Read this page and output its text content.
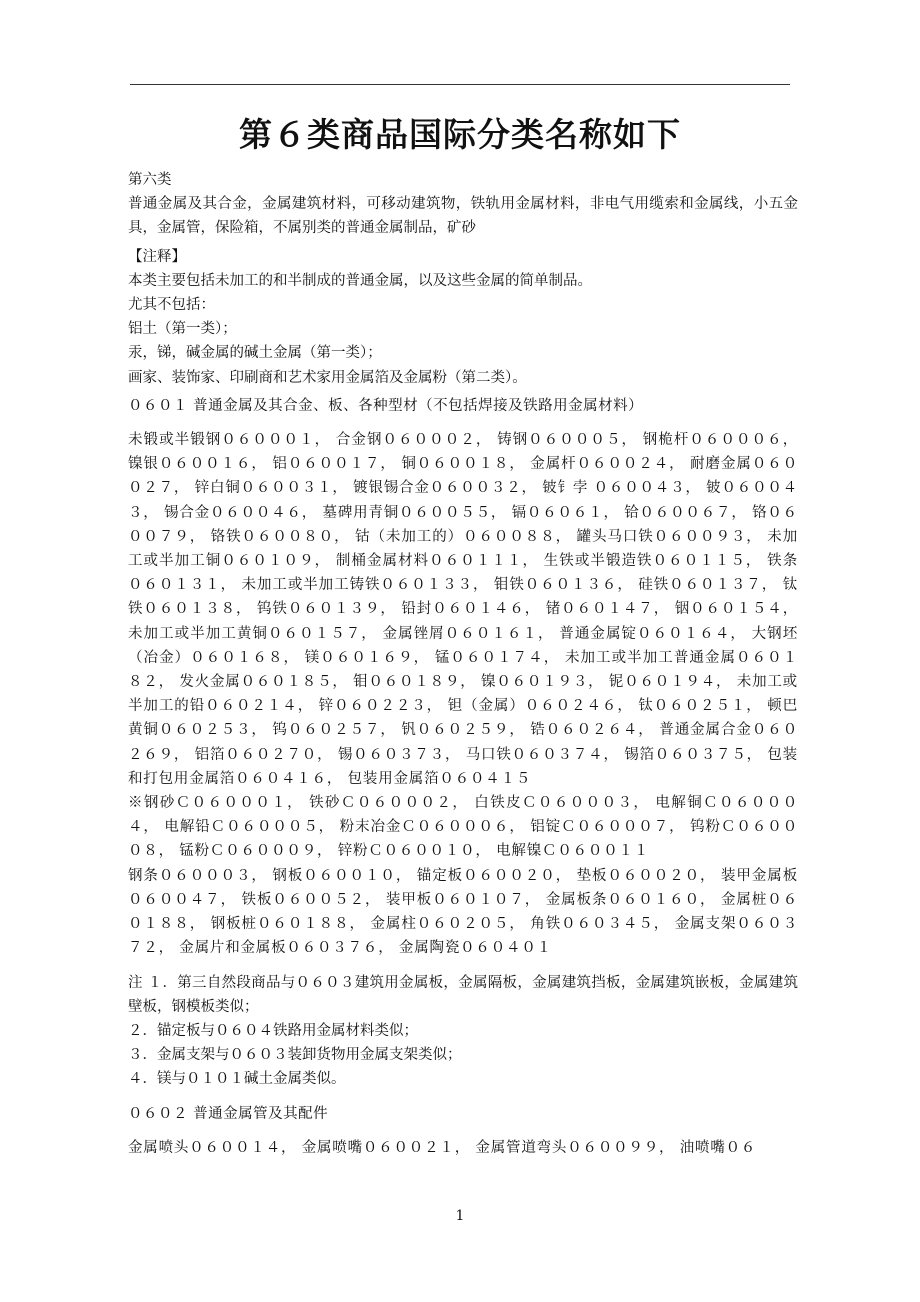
第６类商品国际分类名称如下

第六类

普通金属及其合金，金属建筑材料，可移动建筑物，铁轨用金属材料，非电气用缆索和金属线，小五金具，金属管，保险箱，不属别类的普通金属制品，矿砂

【注释】

本类主要包括未加工的和半制成的普通金属，以及这些金属的简单制品。

尤其不包括：

铝土（第一类）；

汞，锑，碱金属的碱土金属（第一类）；

画家、装饰家、印刷商和艺术家用金属箔及金属粉（第二类）。

０６０１ 普通金属及其合金、板、各种型材（不包括焊接及铁路用金属材料）

未锻或半锻钢０６０００１， 合金钢０６０００２， 铸钢０６０００５， 钢桅杆０６０００６， 镍银０６００１６， 铝０６００１７， 铜０６００１８， 金属杆０６００２４， 耐磨金属０６００２７， 锌白铜０６００３１， 镀银锡合金０６００３２， 铍钅孛 ０６００４３， 铍０６００４３， 锡合金０６００４６， 墓碑用青铜０６００５５， 镉０６０６１， 铪０６００６７， 铬０６００７９， 铬铁０６００８０， 钴（未加工的）０６００８８， 罐头马口铁０６００９３， 未加工或半加工铜０６０１０９， 制桶金属材料０６０１１１， 生铁或半锻造铁０６０１１５， 铁条０６０１３１， 未加工或半加工铸铁０６０１３３， 钼铁０６０１３６， 硅铁０６０１３７， 钛铁０６０１３８， 钨铁０６０１３９， 铅封０６０１４６， 锗０６０１４７， 铟０６０１５４， 未加工或半加工黄铜０６０１５７， 金属锉屑０６０１６１， 普通金属锭０６０１６４， 大钢坯（冶金）０６０１６８， 镁０６０１６９， 锰０６０１７４， 未加工或半加工普通金属０６０１８２， 发火金属０６０１８５， 钼０６０１８９， 镍０６０１９３， 铌０６０１９４， 未加工或半加工的铅０６０２１４， 锌０６０２２３， 钽（金属）０６０２４６， 钛０６０２５１， 顿巴黄铜０６０２５３， 钨０６０２５７， 钒０６０２５９， 锆０６０２６４， 普通金属合金０６０２６９， 铝箔０６０２７０， 锡０６０３７３， 马口铁０６０３７４， 锡箔０６０３７５， 包装和打包用金属箔０６０４１６， 包装用金属箔０６０４１５

※钢砂Ｃ０６０００１， 铁砂Ｃ０６０００２， 白铁皮Ｃ０６０００３， 电解铜Ｃ０６０００４， 电解铅Ｃ０６０００５， 粉末冶金Ｃ０６０００６， 铝锭Ｃ０６０００７， 钨粉Ｃ０６０００８， 锰粉Ｃ０６０００９， 锌粉Ｃ０６００１０， 电解镍Ｃ０６００１１

钢条０６０００３， 钢板０６００１０， 锚定板０６００２０， 垫板０６００２０， 装甲金属板０６００４７， 铁板０６００５２， 装甲板０６０１０７， 金属板条０６０１６０， 金属桩０６０１８８， 钢板桩０６０１８８， 金属柱０６０２０５， 角铁０６０３４５， 金属支架０６０３７２， 金属片和金属板０６０３７６， 金属陶瓷０６０４０１

注 １．第三自然段商品与０６０３建筑用金属板，金属隔板，金属建筑挡板，金属建筑嵌板，金属建筑壁板，钢模板类似；

２．锚定板与０６０４铁路用金属材料类似；

３．金属支架与０６０３装卸货物用金属支架类似；

４．镁与０１０１碱土金属类似。

０６０２ 普通金属管及其配件

金属喷头０６００１４， 金属喷嘴０６００２１， 金属管道弯头０６００９９， 油喷嘴０６

1
